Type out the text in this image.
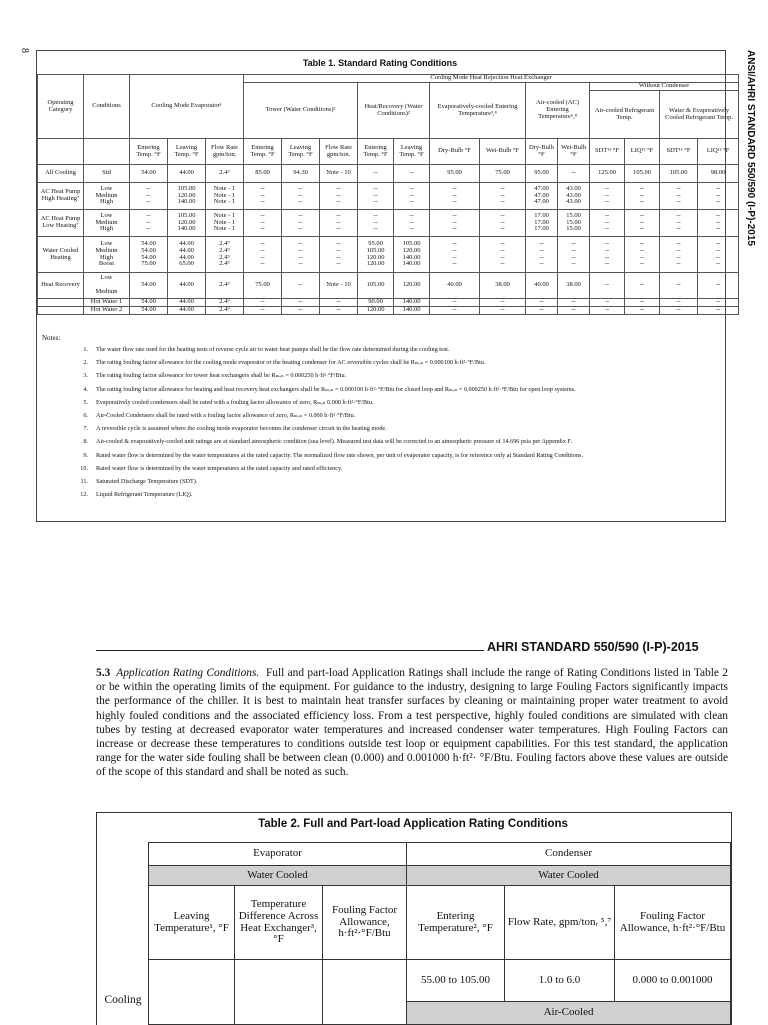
8	ANSI/AHRI STANDARD 550/590 (I-P)-2015
Table 1. Standard Rating Conditions
Operating Category	Conditions	Cooling Mode Evaporator¹			Cooling Mode Heat Rejection Heat Exchanger												
					Tower (Water Conditions)²			Heat/Recovery (Water Conditions)²		Evaporatively-cooled Entering Temperature³,⁸		Air-cooled (AC) Entering Temperature⁶,⁸		Without Condenser			
														Air-cooled Refrigerant Temp.		Water & Evaporatively Cooled Refrigerant Temp.	
		Entering Temp. °F	Leaving Temp. °F	Flow Rate gpm/tonᵣ	Entering Temp. °F	Leaving Temp. °F	Flow Rate gpm/tonᵣ	Entering Temp. °F	Leaving Temp. °F	Dry-Bulb °F	Wet-Bulb °F	Dry-Bulb °F	Wet-Bulb °F	SDT¹¹ °F	LIQ¹² °F	SDT¹¹ °F	LIQ¹² °F
All Cooling	Std	54.00	44.00	2.4⁹	85.00	94.30	Note - 10	--	--	95.00	75.00	95.00	--	125.00	105.00	105.00	98.00
AC Heat Pump High Heating⁷	Low
Medium
High	--
--
--	105.00
120.00
140.00	Note - 1
Note - 1
Note - 1	--
--
--	--
--
--	--
--
--	--
--
--	--
--
--	--
--
--	--
--
--	47.00
47.00
47.00	43.00
43.00
43.00	--
--
--	--
--
--	--
--
--	--
--
--
AC Heat Pump Low Heating⁷	Low
Medium
High	--
--
--	105.00
120.00
140.00	Note - 1
Note - 1
Note - 1	--
--
--	--
--
--	--
--
--	--
--
--	--
--
--	--
--
--	--
--
--	17.00
17.00
17.00	15.00
15.00
15.00	--
--
--	--
--
--	--
--
--	--
--
--
Water Cooled Heating	Low
Medium
High
Boost	54.00
54.00
54.00
75.00	44.00
44.00
44.00
65.00	2.4⁹
2.4⁹
2.4⁹
2.4⁹	--
--
--
--	--
--
--
--	--
--
--
--	95.00
105.00
120.00
120.00	105.00
120.00
140.00
140.00	--
--
--
--	--
--
--
--	--
--
--
--	--
--
--
--	--
--
--
--	--
--
--
--	--
--
--
--	--
--
--
--
Heat Recovery	Low

Medium	54.00	44.00	2.4⁹	75.00	--	Note - 10	105.00	120.00	40.00	38.00	40.00	38.00	--	--	--	--
	Hot Water 1	54.00	44.00	2.4⁹	--	--	--	90.00	140.00	--	--	--	--	--	--	--	--
	Hot Water 2	54.00	44.00	2.4⁹	--	--	--	120.00	140.00	--	--	--	--	--	--	--	--
Notes:
1. The water flow rate used for the heating tests of reverse cycle air to water heat pumps shall be the flow rate determined during the cooling test.
2. The rating fouling factor allowance for the cooling mode evaporator or the heating condenser for AC reversible cycles shall be Rₘₒₙ = 0.000100 h·ft²·°F/Btu.
3. The rating fouling factor allowance for tower heat exchangers shall be Rₘₒₙ = 0.000250 h·ft²·°F/Btu.
4. The rating fouling factor allowance for heating and heat recovery heat exchangers shall be Rₘₒₙ = 0.000100 h·ft²·°F/Btu for closed loop and Rₘₒₙ = 0.000250 h·ft²·°F/Btu for open loop systems.
5. Evaporatively cooled condensers shall be rated with a fouling factor allowance of zero, Rₘₒₙ 0.000 h·ft²·°F/Btu.
6. Air-Cooled Condensers shall be rated with a fouling factor allowance of zero, Rₘₒₙ = 0.000 h·ft²·°F/Btu.
7. A reversible cycle is assumed where the cooling mode evaporator becomes the condenser circuit in the heating mode.
8. Air-cooled & evaporatively-cooled unit ratings are at standard atmospheric condition (sea level). Measured test data will be corrected to an atmospheric pressure of 14.696 psia per Appendix F.
9. Rated water flow is determined by the water temperatures at the rated capacity. The normalized flow rate shown, per unit of evaporator capacity, is for reference only at Standard Rating Conditions.
10. Rated water flow is determined by the water temperatures at the rated capacity and rated efficiency.
11. Saturated Discharge Temperature (SDT).
12. Liquid Refrigerant Temperature (LIQ).
AHRI STANDARD 550/590 (I-P)-2015
5.3 Application Rating Conditions. Full and part-load Application Ratings shall include the range of Rating Conditions listed in Table 2 or be within the operating limits of the equipment. For guidance to the industry, designing to large Fouling Factors significantly impacts the performance of the chiller. It is best to maintain heat transfer surfaces by cleaning or maintaining proper water treatment to avoid highly fouled conditions and the associated efficiency loss. From a test perspective, highly fouled conditions are simulated with clean tubes by testing at decreased evaporator water temperatures and increased condenser water temperatures. High Fouling Factors can increase or decrease these temperatures to conditions outside test loop or equipment capabilities. For this test standard, the application range for the water side fouling shall be between clean (0.000) and 0.001000 h·ft²· °F/Btu. Fouling factors above these values are outside of the scope of this standard and shall be noted as such.
Table 2. Full and Part-load Application Rating Conditions
Cooling
Evaporator			Condenser		
Water Cooled			Water Cooled		
Leaving Temperature¹, °F	Temperature Difference Across Heat Exchanger³, °F	Fouling Factor Allowance, h·ft²·°F/Btu	Entering Temperature², °F	Flow Rate, gpm/tonᵣ ⁵,⁷	Fouling Factor Allowance, h·ft²·°F/Btu
			55.00 to 105.00	1.0 to 6.0	0.000 to 0.001000
			Air-Cooled		
